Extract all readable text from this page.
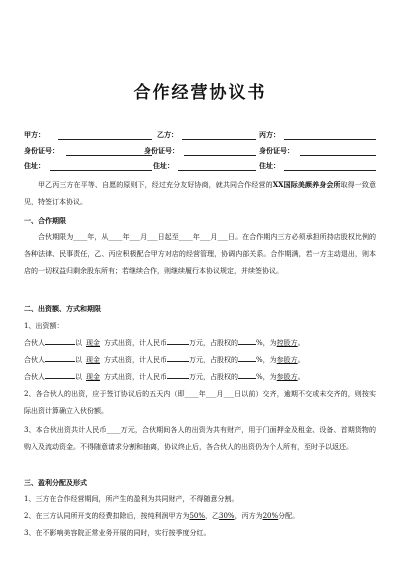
合作经营协议书
甲方：	乙方：	丙方：
身份证号：	身份证号：	身份证号：
住址：	住址：	住址：
甲乙丙三方在平等、自愿的原则下，经过充分友好协商，就共同合作经营的XX国际美颜养身会所取得一致意见，特签订本协议。
一、合作期限
合伙期限为____年，从____年___月___日起至____年___月___日。在合作期内三方必须承担所持店股权比例的各种法律、民事责任，乙、丙应积极配合甲方对店的经营管理，协调内部关系。合作期满，若一方主动退出，则本店的一切权益归剩余股东所有；若继续合作，则继续履行本协议规定，并续签协议。
二、出资额、方式和期限
1、出资额：
合伙人	以 现金 方式出资，计人民币	万元，占股权的	%，为控股方。
合伙人	以 现金 方式出资，计人民币	万元，占股权的	%，为参股方。
合伙人	以 现金 方式出资，计人民币	万元，占股权的	%，为参股方。
2、各合伙人的出资，应于签订协议后的五天内（即____年___月___日以前）交齐，逾期不交或未交齐的，则按实际出资计算确立入伙份额。
3、本合伙出资共计人民币____万元，合伙期间各人的出资为共有财产，用于门面押金及租金、设备、首期货物的购入及流动资金。不得随意请求分割和抽离，协议终止后，各合伙人的出资仍为个人所有，至时予以返还。
三、盈利分配及形式
1、三方在合作经营期间，所产生的盈利为共同财产，不得随意分割。
2、在三方认同所开支的经费扣除后，按纯利润甲方为50%，乙30%，丙方为20%分配。
3、在不影响美容院正常业务开展的同时，实行按季度分红。
